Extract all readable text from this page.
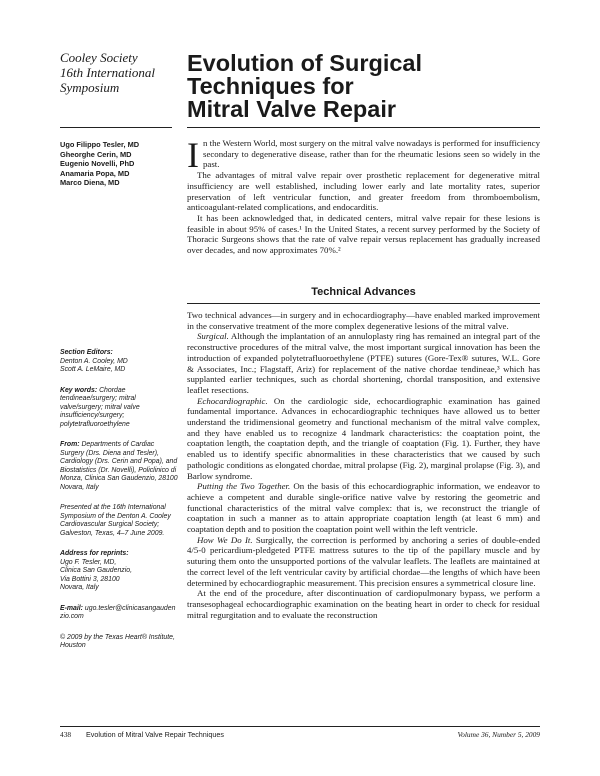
Cooley Society

16th International

Symposium

Evolution of Surgical
Techniques for
Mitral Valve Repair
Ugo Filippo Tesler, MD
Gheorghe Cerin, MD
Eugenio Novelli, PhD
Anamaria Popa, MD
Marco Diena, MD

In the Western World, most surgery on the mitral valve nowadays is performed for insufficiency secondary to degenerative disease, rather than for the rheumatic lesions seen so widely in the past.

The advantages of mitral valve repair over prosthetic replacement for degenerative mitral insufficiency are well established, including lower early and late mortality rates, superior preservation of left ventricular function, and greater freedom from thromboembolism, anticoagulant-related complications, and endocarditis.

It has been acknowledged that, in dedicated centers, mitral valve repair for these lesions is feasible in about 95% of cases.¹ In the United States, a recent survey performed by the Society of Thoracic Surgeons shows that the rate of valve repair versus replacement has gradually increased over decades, and now approximates 70%.²

Technical Advances

Two technical advances—in surgery and in echocardiography—have enabled marked improvement in the conservative treatment of the more complex degenerative lesions of the mitral valve.

Surgical. Although the implantation of an annuloplasty ring has remained an integral part of the reconstructive procedures of the mitral valve, the most important surgical innovation has been the introduction of expanded polytetrafluoroethylene (PTFE) sutures (Gore-Tex® sutures, W.L. Gore & Associates, Inc.; Flagstaff, Ariz) for replacement of the native chordae tendineae,³ which has supplanted earlier techniques, such as chordal shortening, chordal transposition, and extensive leaflet resections.

Echocardiographic. On the cardiologic side, echocardiographic examination has gained fundamental importance. Advances in echocardiographic techniques have allowed us to better understand the tridimensional geometry and functional mechanism of the mitral valve complex, and they have enabled us to recognize 4 landmark characteristics: the coaptation point, the coaptation length, the coaptation depth, and the triangle of coaptation (Fig. 1). Further, they have enabled us to identify specific abnormalities in these characteristics that we caused by such pathologic conditions as elongated chordae, mitral prolapse (Fig. 2), marginal prolapse (Fig. 3), and Barlow syndrome.

Putting the Two Together. On the basis of this echocardiographic information, we endeavor to achieve a competent and durable single-orifice native valve by restoring the geometric and functional characteristics of the mitral valve complex: that is, we reconstruct the triangle of coaptation in such a manner as to attain appropriate coaptation length (at least 6 mm) and coaptation depth and to position the coaptation point well within the left ventricle.

How We Do It. Surgically, the correction is performed by anchoring a series of double-ended 4/5-0 pericardium-pledgeted PTFE mattress sutures to the tip of the papillary muscle and by suturing them onto the unsupported portions of the valvular leaflets. The leaflets are maintained at the correct level of the left ventricular cavity by artificial chordae—the lengths of which have been determined by echocardiographic measurement. This precision ensures a symmetrical closure line.

At the end of the procedure, after discontinuation of cardiopulmonary bypass, we perform a transesophageal echocardiographic examination on the beating heart in order to check for residual mitral regurgitation and to evaluate the reconstruction

Section Editors:
Denton A. Cooley, MD
Scott A. LeMaire, MD
Key words: Chordae tendineae/surgery; mitral valve/surgery; mitral valve insufficiency/surgery; polytetrafluoroethylene
From: Departments of Cardiac Surgery (Drs. Diena and Tesler), Cardiology (Drs. Cerin and Popa), and Biostatistics (Dr. Novelli), Policlinico di Monza, Clinica San Gaudenzio, 28100 Novara, Italy
Presented at the 16th International Symposium of the Denton A. Cooley Cardiovascular Surgical Society; Galveston, Texas, 4–7 June 2009.
Address for reprints:
Ugo F. Tesler, MD,
Clinica San Gaudenzio,
Via Bottini 3, 28100
Novara, Italy
E-mail: ugo.tesler@clinicasangaudenzio.com
© 2009 by the Texas Heart® Institute, Houston
438 Evolution of Mitral Valve Repair Techniques	Volume 36, Number 5, 2009
